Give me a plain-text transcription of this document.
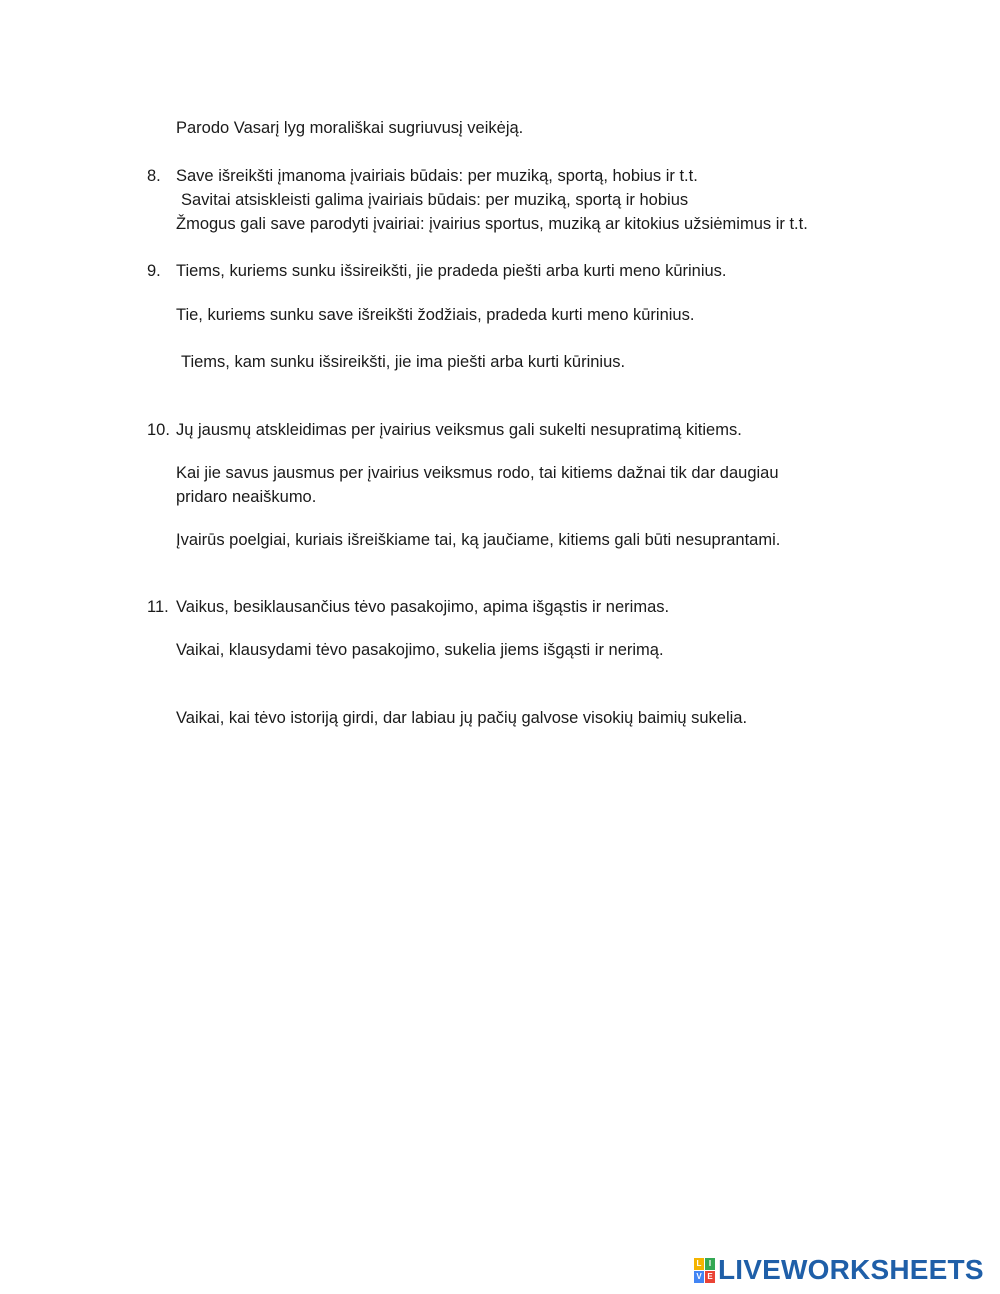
Parodo Vasarį lyg morališkai sugriuvusį veikėją.
8. Save išreikšti įmanoma įvairiais būdais: per muziką, sportą, hobius ir t.t.
Savitai atsiskleisti galima įvairiais būdais: per muziką, sportą ir hobius
Žmogus gali save parodyti įvairiai: įvairius sportus, muziką ar kitokius užsiėmimus ir t.t.
9. Tiems, kuriems sunku išsireikšti, jie pradeda piešti arba kurti meno kūrinius.
Tie, kuriems sunku save išreikšti žodžiais, pradeda kurti meno kūrinius.
Tiems, kam sunku išsireikšti, jie ima piešti arba kurti kūrinius.
10. Jų jausmų atskleidimas per įvairius veiksmus gali sukelti nesupratimą kitiems.
Kai jie savus jausmus per įvairius veiksmus rodo, tai kitiems dažnai tik dar daugiau
pridaro neaiškumo.
Įvairūs poelgiai, kuriais išreiškiame tai, ką jaučiame, kitiems gali būti nesuprantami.
11. Vaikus, besiklausančius tėvo pasakojimo, apima išgąstis ir nerimas.
Vaikai, klausydami tėvo pasakojimo, sukelia jiems išgąsti ir nerimą.
Vaikai, kai tėvo istoriją girdi, dar labiau jų pačių galvose visokių baimių sukelia.
L I
V E LIVEWORKSHEETS
